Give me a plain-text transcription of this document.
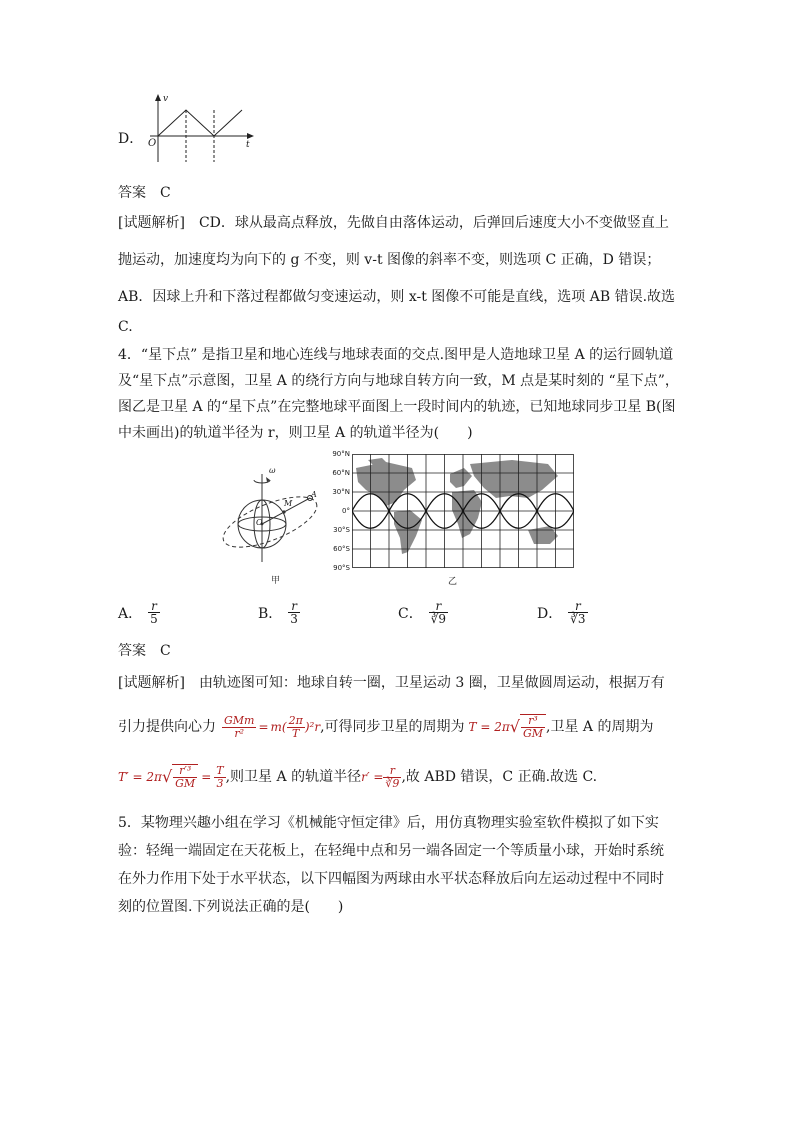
D．
v
t
O
答案　 C
[试题解析]　 CD．球从最高点释放，先做自由落体运动，后弹回后速度大小不变做竖直上
抛运动，加速度均为向下的 g 不变，则 v-t 图像的斜率不变，则选项 C 正确，D 错误；
AB．因球上升和下落过程都做匀变速运动，则 x-t 图像不可能是直线，选项 AB 错误.故选
C.
4．“星下点” 是指卫星和地心连线与地球表面的交点.图甲是人造地球卫星 A 的运行圆轨道
及“星下点”示意图，卫星 A 的绕行方向与地球自转方向一致，M 点是某时刻的 “星下点”，
图乙是卫星 A 的“星下点”在完整地球平面图上一段时间内的轨迹，已知地球同步卫星 B(图
中未画出)的轨道半径为 r，则卫星 A 的轨道半径为(　　)
ω
A
M
O
甲
90°N
60°N
30°N
0°
30°S
60°S
90°S
乙
A． $\frac{r}{5}$	B． $\frac{r}{3}$	C． $\frac{r}{∛9}$	D． $\frac{r}{∛3}$
答案　 C
[试题解析]　 由轨迹图可知：地球自转一圈，卫星运动 3 圈，卫星做圆周运动，根据万有
引力提供向心力 $\frac{\text{GMm}}{\text{r²}} = m( \frac{2\pi}{T} )^2r$ ,可得同步卫星的周期为 T = 2π √ $\frac{\text{r³}}{GM}$ ,卫星 A 的周期为
T′ = 2π √ $\frac{\text{r′³}}{GM} = \frac{T}{3}$ ,则卫星 A 的轨道半径 $r' = \frac{r}{∛9}$ ,故 ABD 错误，C 正确.故选 C.
5．某物理兴趣小组在学习《机械能守恒定律》后，用仿真物理实验室软件模拟了如下实
验：轻绳一端固定在天花板上，在轻绳中点和另一端各固定一个等质量小球，开始时系统
在外力作用下处于水平状态，以下四幅图为两球由水平状态释放后向左运动过程中不同时
刻的位置图.下列说法正确的是(　　)
